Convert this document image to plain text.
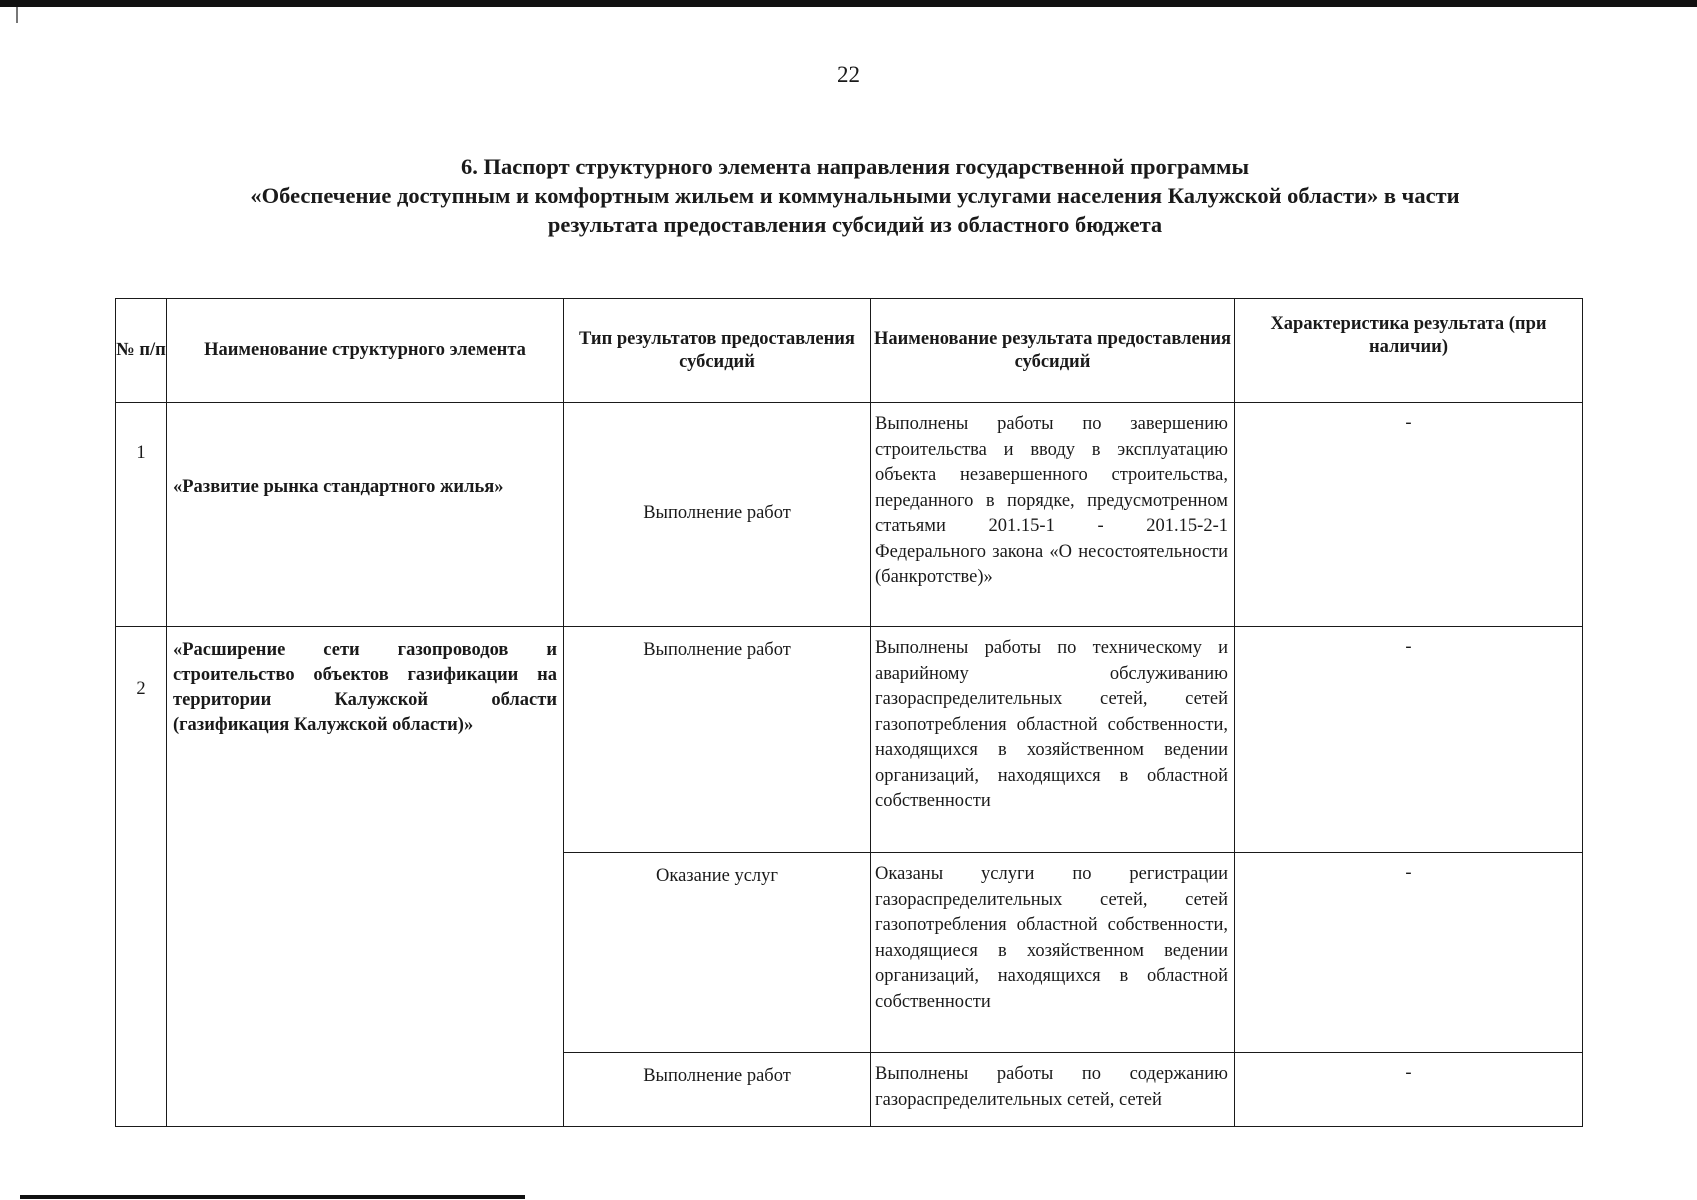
22
6. Паспорт структурного элемента направления государственной программы
«Обеспечение доступным и комфортным жильем и коммунальными услугами населения Калужской области» в части
результата предоставления субсидий из областного бюджета
№ п/п	Наименование структурного элемента	Тип результатов предоставления субсидий	Наименование результата предоставления субсидий	Характеристика результата (при наличии)
1	«Развитие рынка стандартного жилья»	Выполнение работ	Выполнены работы по завершению строительства и вводу в эксплуатацию объекта незавершенного строительства, переданного в порядке, предусмотренном статьями 201.15-1 - 201.15-2-1 Федерального закона «О несостоятельности (банкротстве)»	-
2	«Расширение сети газопроводов и строительство объектов газификации на территории Калужской области (газификация Калужской области)»	Выполнение работ	Выполнены работы по техническому и аварийному обслуживанию газораспределительных сетей, сетей газопотребления областной собственности, находящихся в хозяйственном ведении организаций, находящихся в областной собственности	-
		Оказание услуг	Оказаны услуги по регистрации газораспределительных сетей, сетей газопотребления областной собственности, находящиеся в хозяйственном ведении организаций, находящихся в областной собственности	-
		Выполнение работ	Выполнены работы по содержанию газораспределительных сетей, сетей	-
